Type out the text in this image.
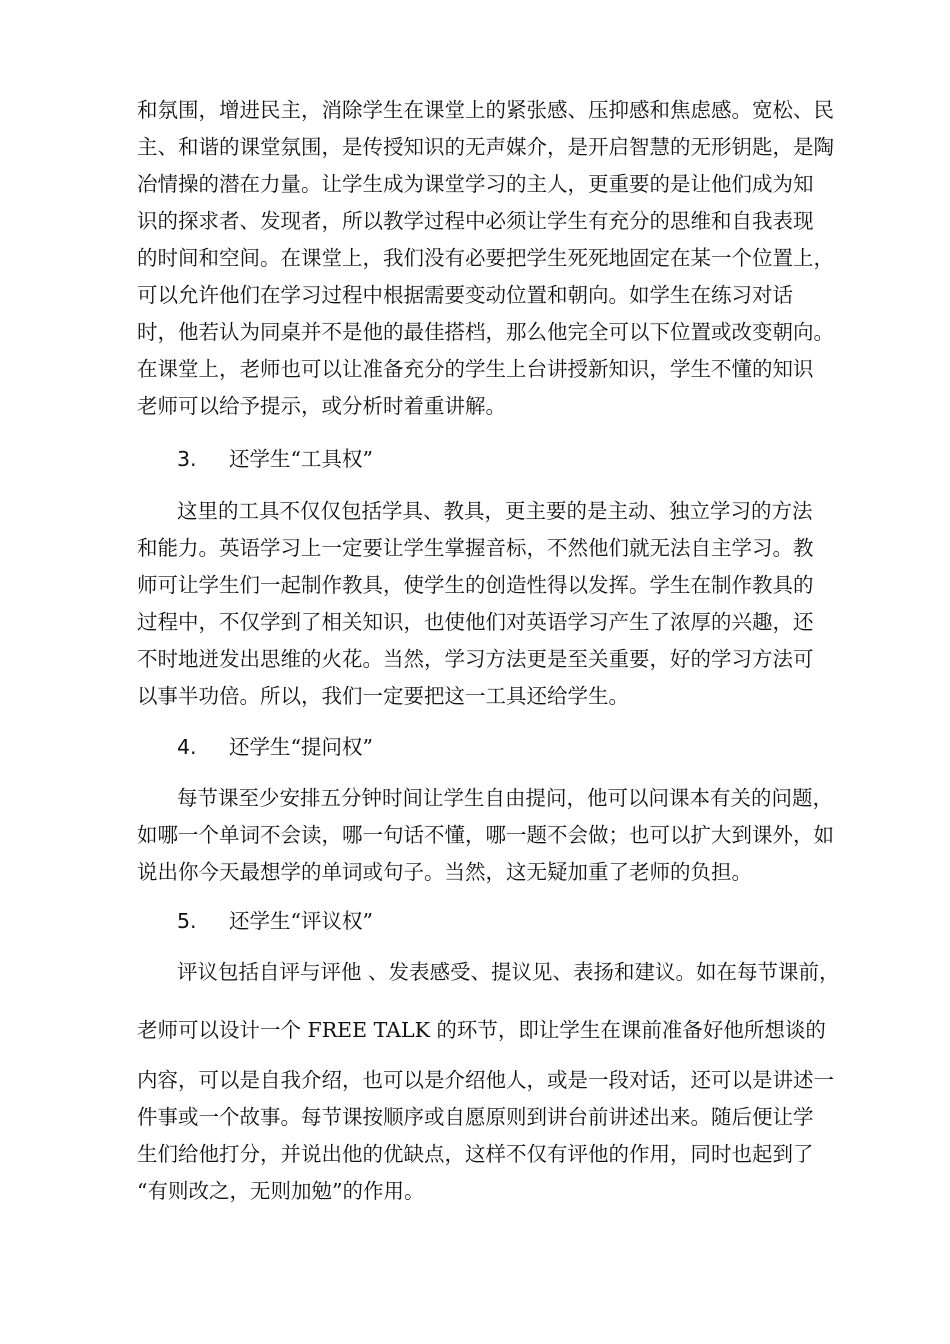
和氛围，增进民主，消除学生在课堂上的紧张感、压抑感和焦虑感。宽松、民
主、和谐的课堂氛围，是传授知识的无声媒介，是开启智慧的无形钥匙，是陶
冶情操的潜在力量。让学生成为课堂学习的主人，更重要的是让他们成为知
识的探求者、发现者，所以教学过程中必须让学生有充分的思维和自我表现
的时间和空间。在课堂上，我们没有必要把学生死死地固定在某一个位置上，
可以允许他们在学习过程中根据需要变动位置和朝向。如学生在练习对话
时，他若认为同桌并不是他的最佳搭档，那么他完全可以下位置或改变朝向。
在课堂上，老师也可以让准备充分的学生上台讲授新知识，学生不懂的知识
老师可以给予提示，或分析时着重讲解。
3. 还学生“工具权”
这里的工具不仅仅包括学具、教具，更主要的是主动、独立学习的方法
和能力。英语学习上一定要让学生掌握音标，不然他们就无法自主学习。教
师可让学生们一起制作教具，使学生的创造性得以发挥。学生在制作教具的
过程中，不仅学到了相关知识，也使他们对英语学习产生了浓厚的兴趣，还
不时地迸发出思维的火花。当然，学习方法更是至关重要，好的学习方法可
以事半功倍。所以，我们一定要把这一工具还给学生。
4. 还学生“提问权”
每节课至少安排五分钟时间让学生自由提问，他可以问课本有关的问题，
如哪一个单词不会读，哪一句话不懂，哪一题不会做；也可以扩大到课外，如
说出你今天最想学的单词或句子。当然，这无疑加重了老师的负担。
5. 还学生“评议权”
评议包括自评与评他 、发表感受、提议见、表扬和建议。如在每节课前，
老师可以设计一个 FREE TALK 的环节，即让学生在课前准备好他所想谈的
内容，可以是自我介绍，也可以是介绍他人，或是一段对话，还可以是讲述一
件事或一个故事。每节课按顺序或自愿原则到讲台前讲述出来。随后便让学
生们给他打分，并说出他的优缺点，这样不仅有评他的作用，同时也起到了
“有则改之，无则加勉”的作用。
